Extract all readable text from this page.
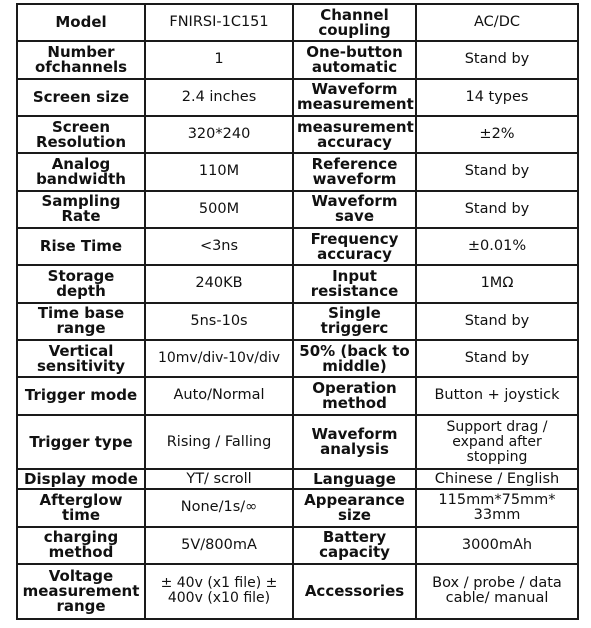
Model	FNIRSI-1C151	Channel coupling	AC/DC
Number ofchannels	1	One-button automatic	Stand by
Screen size	2.4 inches	Waveform measurement	14 types
Screen Resolution	320*240	measurement accuracy	±2%
Analog bandwidth	110M	Reference waveform	Stand by
Sampling Rate	500M	Waveform save	Stand by
Rise Time	<3ns	Frequency accuracy	±0.01%
Storage depth	240KB	Input resistance	1MΩ
Time base range	5ns-10s	Single triggerc	Stand by
Vertical sensitivity	10mv/div-10v/div	50% (back to middle)	Stand by
Trigger mode	Auto/Normal	Operation method	Button + joystick
Trigger type	Rising / Falling	Waveform analysis	Support drag / expand after stopping
Display mode	YT/ scroll	Language	Chinese / English
Afterglow time	None/1s/∞	Appearance size	115mm*75mm* 33mm
charging method	5V/800mA	Battery capacity	3000mAh
Voltage measurement range	± 40v (x1 file) ± 400v (x10 file)	Accessories	Box / probe / data cable/ manual
